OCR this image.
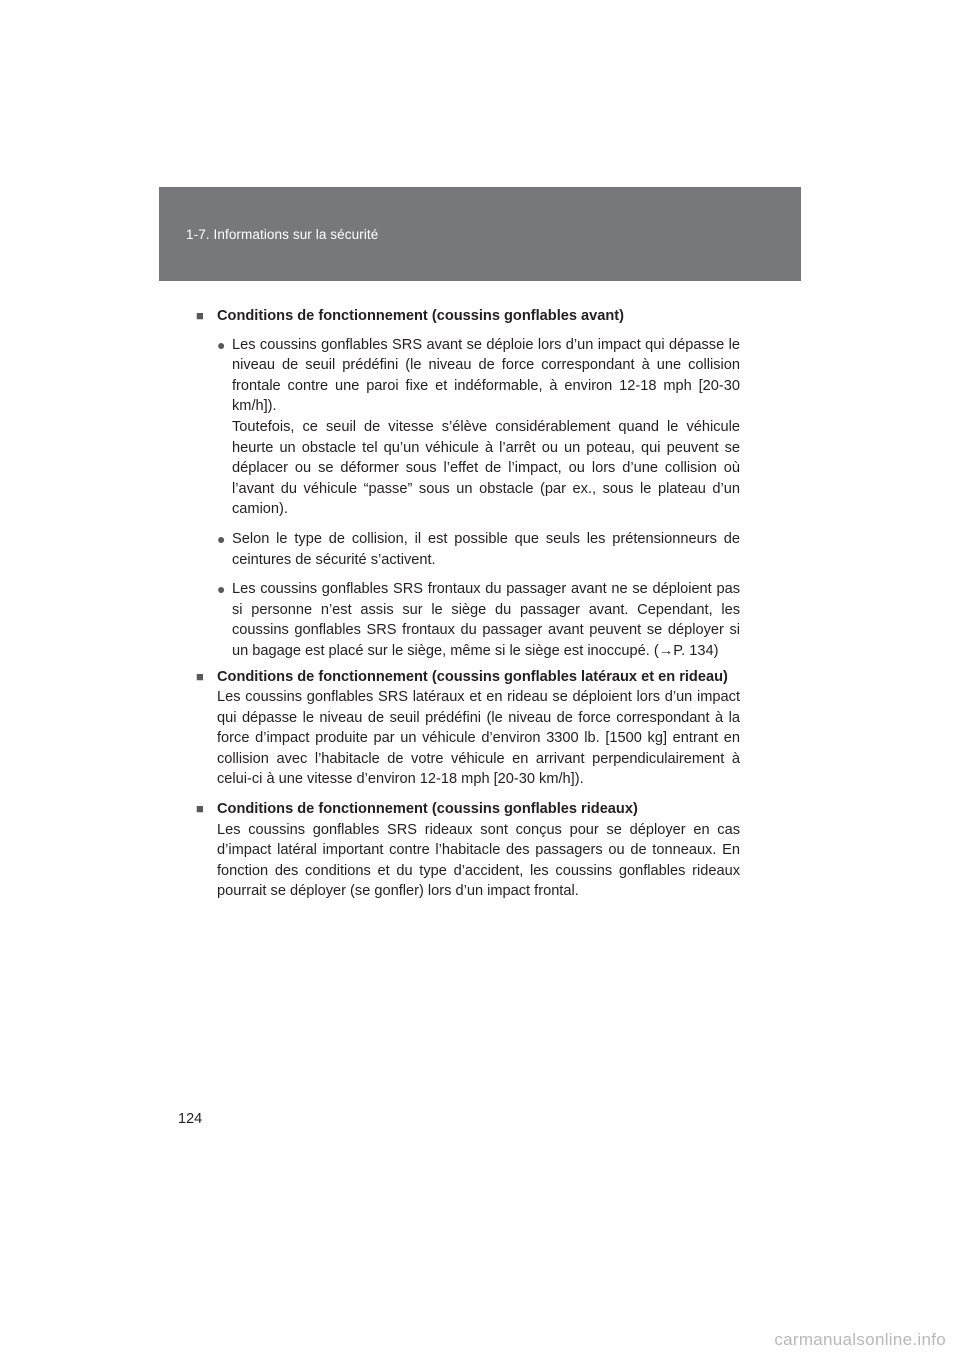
1-7. Informations sur la sécurité
■ Conditions de fonctionnement (coussins gonflables avant)
● Les coussins gonflables SRS avant se déploie lors d’un impact qui dépasse le niveau de seuil prédéfini (le niveau de force correspondant à une collision frontale contre une paroi fixe et indéformable, à environ 12-18 mph [20-30 km/h]).

Toutefois, ce seuil de vitesse s’élève considérablement quand le véhicule heurte un obstacle tel qu’un véhicule à l’arrêt ou un poteau, qui peuvent se déplacer ou se déformer sous l’effet de l’impact, ou lors d’une collision où l’avant du véhicule “passe” sous un obstacle (par ex., sous le plateau d’un camion).

● Selon le type de collision, il est possible que seuls les prétensionneurs de ceintures de sécurité s’activent.

● Les coussins gonflables SRS frontaux du passager avant ne se déploient pas si personne n’est assis sur le siège du passager avant. Cependant, les coussins gonflables SRS frontaux du passager avant peuvent se déployer si un bagage est placé sur le siège, même si le siège est inoccupé. (→P. 134)

■ Conditions de fonctionnement (coussins gonflables latéraux et en rideau)

Les coussins gonflables SRS latéraux et en rideau se déploient lors d’un impact qui dépasse le niveau de seuil prédéfini (le niveau de force correspondant à la force d’impact produite par un véhicule d’environ 3300 lb. [1500 kg] entrant en collision avec l’habitacle de votre véhicule en arrivant perpendiculairement à celui-ci à une vitesse d’environ 12-18 mph [20-30 km/h]).

■ Conditions de fonctionnement (coussins gonflables rideaux)

Les coussins gonflables SRS rideaux sont conçus pour se déployer en cas d’impact latéral important contre l’habitacle des passagers ou de tonneaux. En fonction des conditions et du type d’accident, les coussins gonflables rideaux pourrait se déployer (se gonfler) lors d’un impact frontal.

124
carmanualsonline.info
